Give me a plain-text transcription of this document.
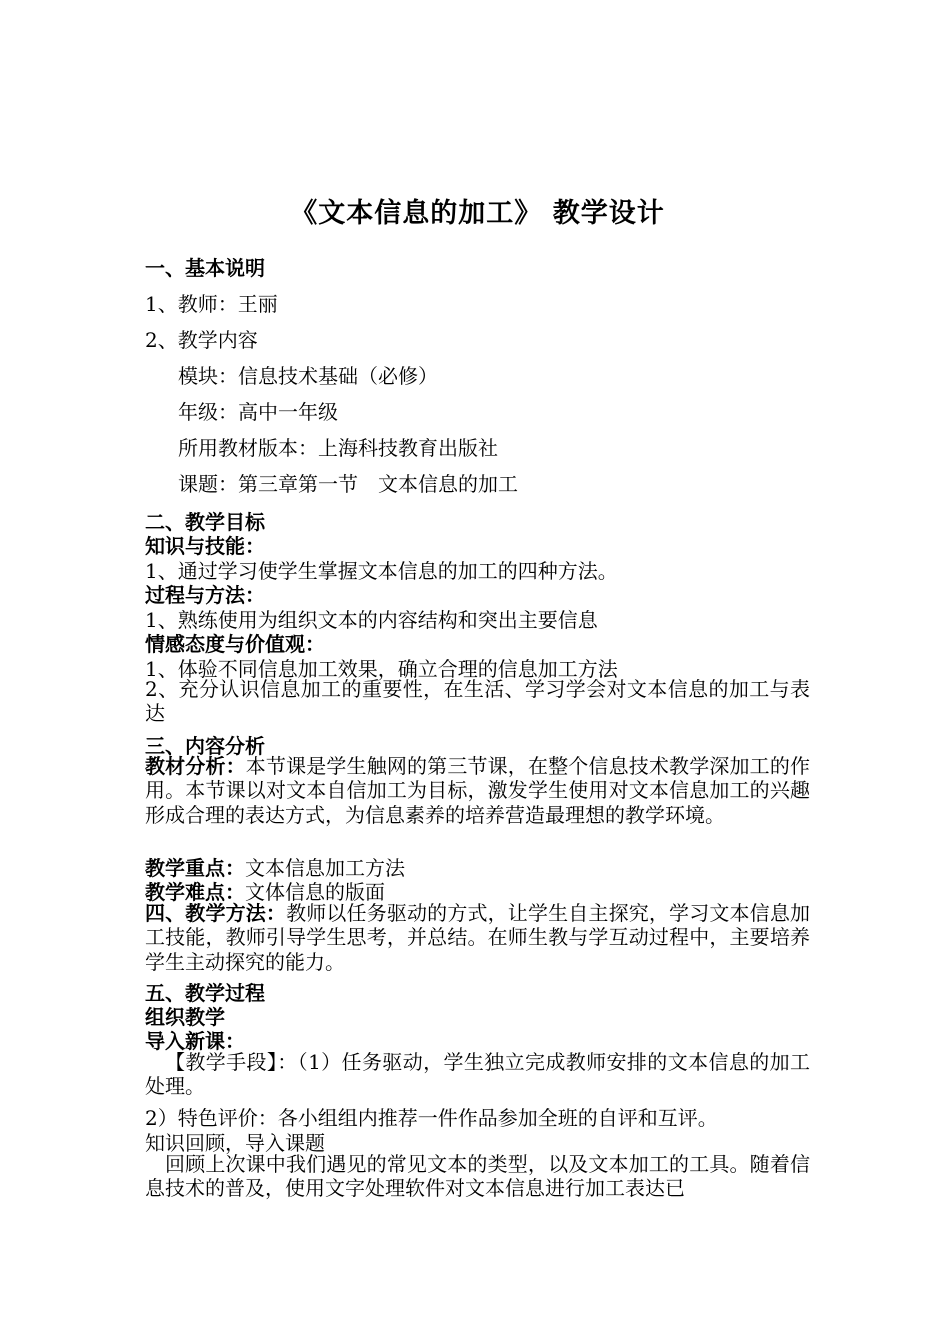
《文本信息的加工》 教学设计
一、基本说明
1、教师：王丽
2、教学内容
模块：信息技术基础（必修）
年级：高中一年级
所用教材版本：上海科技教育出版社
课题：第三章第一节　文本信息的加工
二、教学目标
知识与技能：
1、通过学习使学生掌握文本信息的加工的四种方法。
过程与方法：
1、熟练使用为组织文本的内容结构和突出主要信息
情感态度与价值观：
1、体验不同信息加工效果，确立合理的信息加工方法
2、充分认识信息加工的重要性，在生活、学习学会对文本信息的加工与表达
三、内容分析
教材分析：本节课是学生触网的第三节课，在整个信息技术教学深加工的作用。本节课以对文本自信加工为目标，激发学生使用对文本信息加工的兴趣形成合理的表达方式，为信息素养的培养营造最理想的教学环境。
教学重点：文本信息加工方法
教学难点：文体信息的版面
四、教学方法：教师以任务驱动的方式，让学生自主探究，学习文本信息加工技能，教师引导学生思考，并总结。在师生教与学互动过程中，主要培养学生主动探究的能力。
五、教学过程
组织教学
导入新课：
【教学手段】：（1）任务驱动，学生独立完成教师安排的文本信息的加工处理。
2）特色评价：各小组组内推荐一件作品参加全班的自评和互评。
知识回顾，导入课题
回顾上次课中我们遇见的常见文本的类型，以及文本加工的工具。随着信息技术的普及，使用文字处理软件对文本信息进行加工表达已
